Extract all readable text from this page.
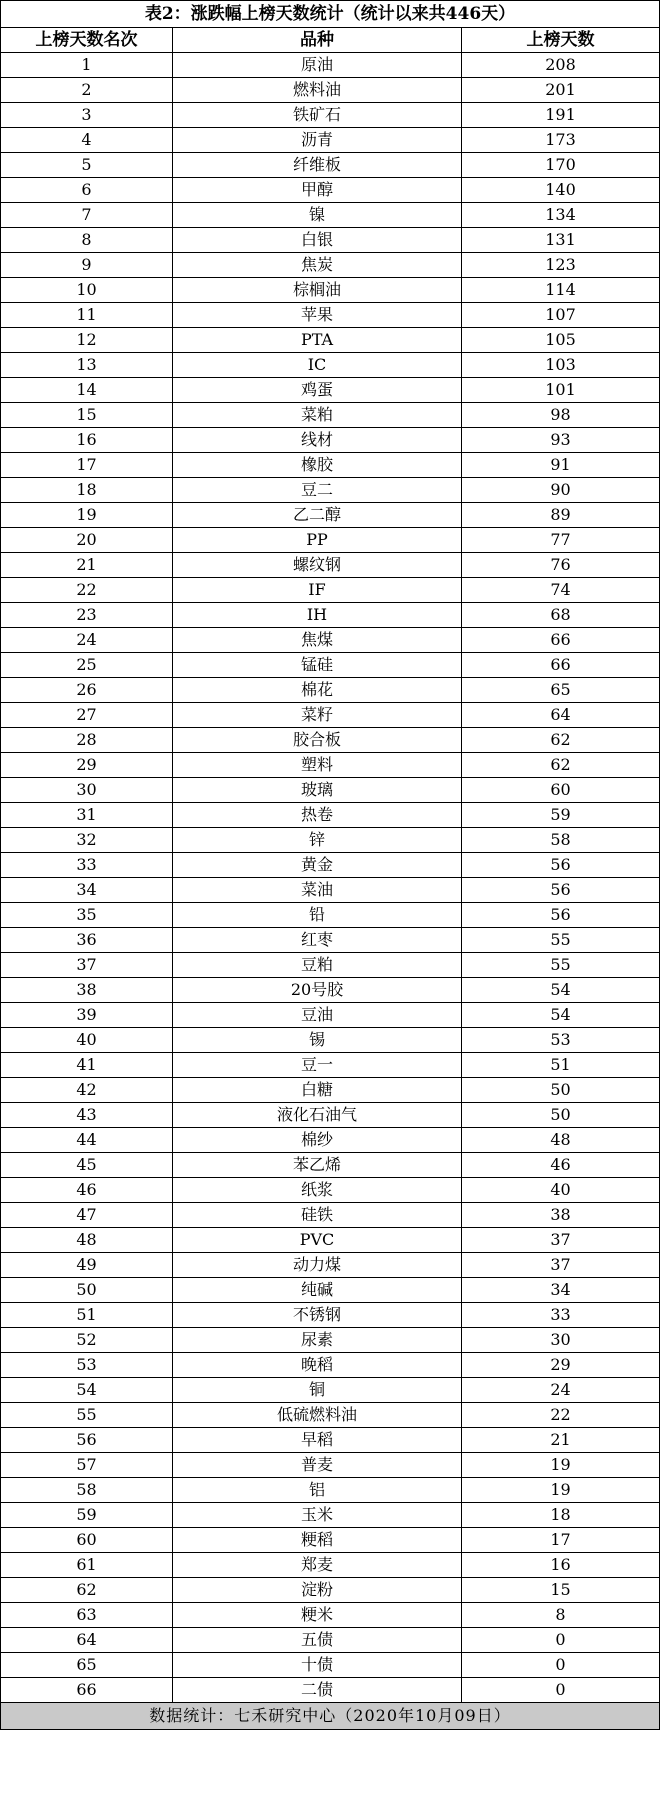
表2：涨跌幅上榜天数统计（统计以来共446天）		
上榜天数名次	品种	上榜天数
1	原油	208
2	燃料油	201
3	铁矿石	191
4	沥青	173
5	纤维板	170
6	甲醇	140
7	镍	134
8	白银	131
9	焦炭	123
10	棕榈油	114
11	苹果	107
12	PTA	105
13	IC	103
14	鸡蛋	101
15	菜粕	98
16	线材	93
17	橡胶	91
18	豆二	90
19	乙二醇	89
20	PP	77
21	螺纹钢	76
22	IF	74
23	IH	68
24	焦煤	66
25	锰硅	66
26	棉花	65
27	菜籽	64
28	胶合板	62
29	塑料	62
30	玻璃	60
31	热卷	59
32	锌	58
33	黄金	56
34	菜油	56
35	铅	56
36	红枣	55
37	豆粕	55
38	20号胶	54
39	豆油	54
40	锡	53
41	豆一	51
42	白糖	50
43	液化石油气	50
44	棉纱	48
45	苯乙烯	46
46	纸浆	40
47	硅铁	38
48	PVC	37
49	动力煤	37
50	纯碱	34
51	不锈钢	33
52	尿素	30
53	晚稻	29
54	铜	24
55	低硫燃料油	22
56	早稻	21
57	普麦	19
58	铝	19
59	玉米	18
60	粳稻	17
61	郑麦	16
62	淀粉	15
63	粳米	8
64	五债	0
65	十债	0
66	二债	0
数据统计：七禾研究中心（2020年10月09日）		
